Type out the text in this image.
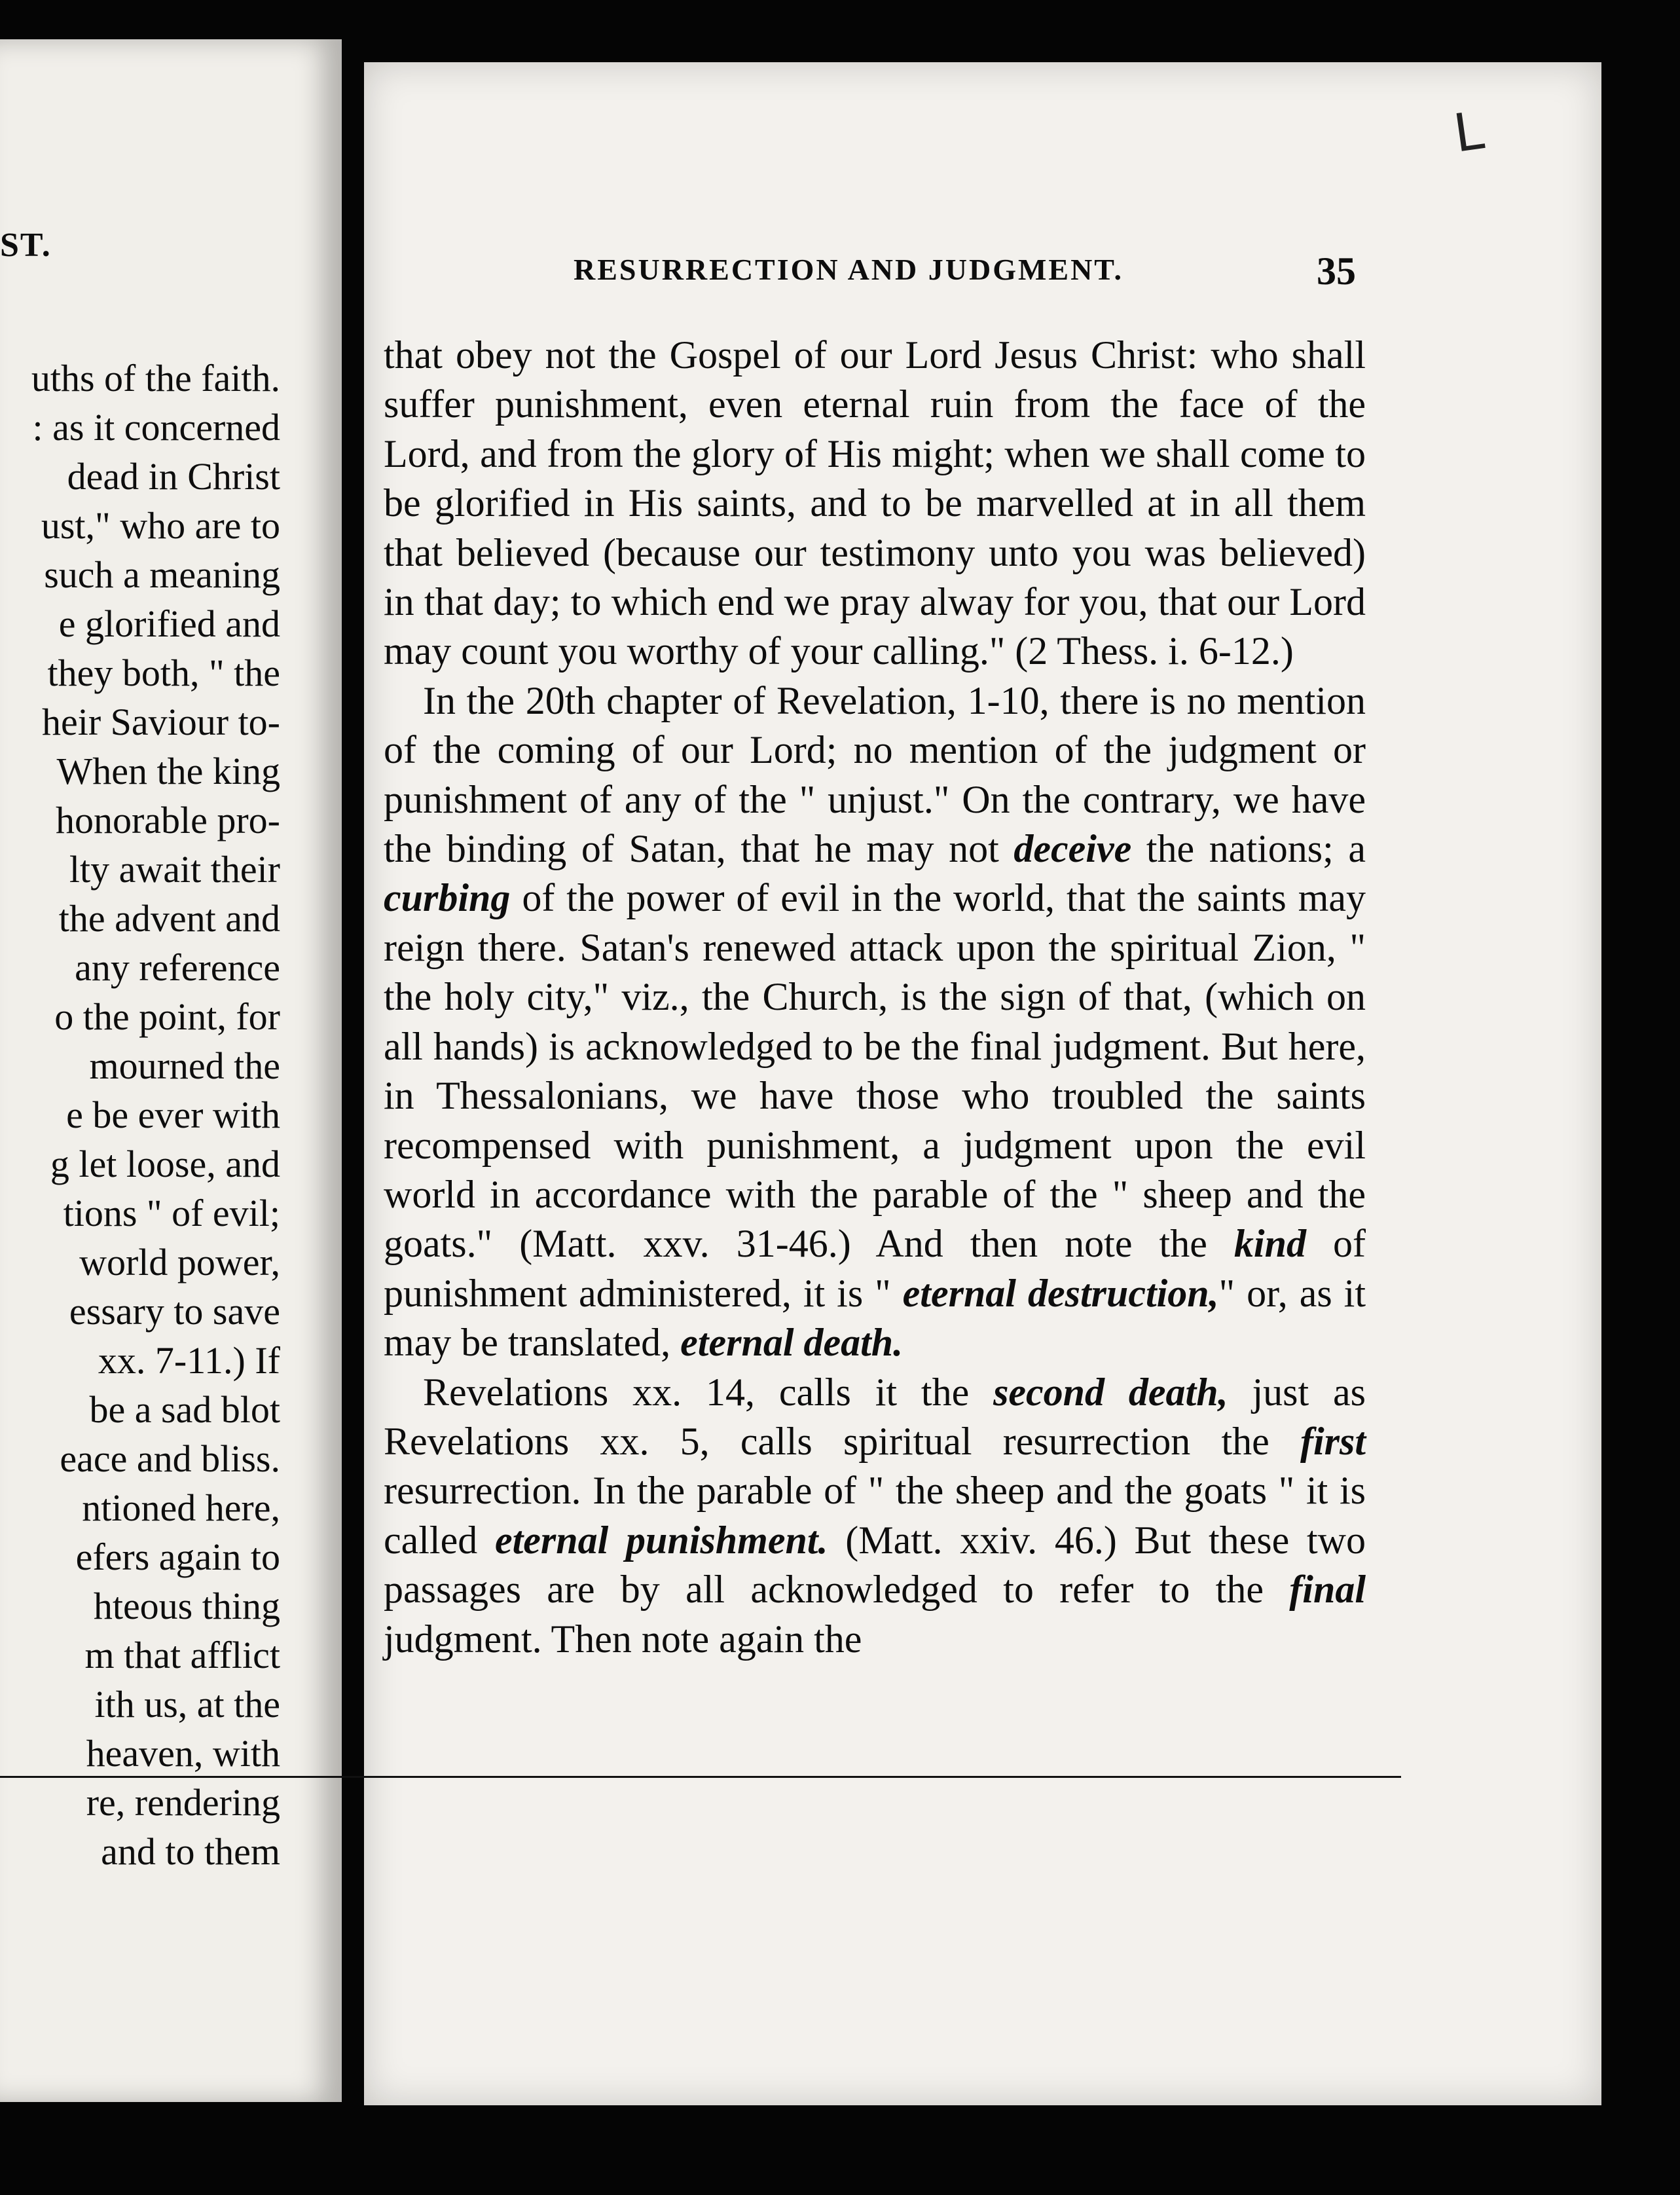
ST.
uths of the faith.
: as it concerned
dead in Christ
ust," who are to
such a meaning
e glorified and
they both, " the
heir Saviour to-
When the king
honorable pro-
lty await their
the advent and
any reference
o the point, for
mourned the
e be ever with
g let loose, and
tions " of evil;
world power,
essary to save
xx. 7-11.) If
be a sad blot
eace and bliss.
ntioned here,
efers again to
hteous thing
m that afflict
ith us, at the
heaven, with
re, rendering
and to them
L
RESURRECTION AND JUDGMENT.	35

that obey not the Gospel of our Lord Jesus Christ: who shall suffer punishment, even eternal ruin from the face of the Lord, and from the glory of His might; when we shall come to be glorified in His saints, and to be marvelled at in all them that believed (because our testimony unto you was believed) in that day; to which end we pray alway for you, that our Lord may count you worthy of your calling." (2 Thess. i. 6-12.)

In the 20th chapter of Revelation, 1-10, there is no mention of the coming of our Lord; no mention of the judgment or punishment of any of the " unjust." On the contrary, we have the binding of Satan, that he may not deceive the nations; a curbing of the power of evil in the world, that the saints may reign there. Satan's renewed attack upon the spiritual Zion, " the holy city," viz., the Church, is the sign of that, (which on all hands) is acknowledged to be the final judgment. But here, in Thessalonians, we have those who troubled the saints recompensed with punishment, a judgment upon the evil world in accordance with the parable of the " sheep and the goats." (Matt. xxv. 31-46.) And then note the kind of punishment administered, it is " eternal destruction," or, as it may be translated, eternal death.

Revelations xx. 14, calls it the second death, just as Revelations xx. 5, calls spiritual resurrection the first resurrection. In the parable of " the sheep and the goats " it is called eternal punishment. (Matt. xxiv. 46.) But these two passages are by all acknowledged to refer to the final judgment. Then note again the
